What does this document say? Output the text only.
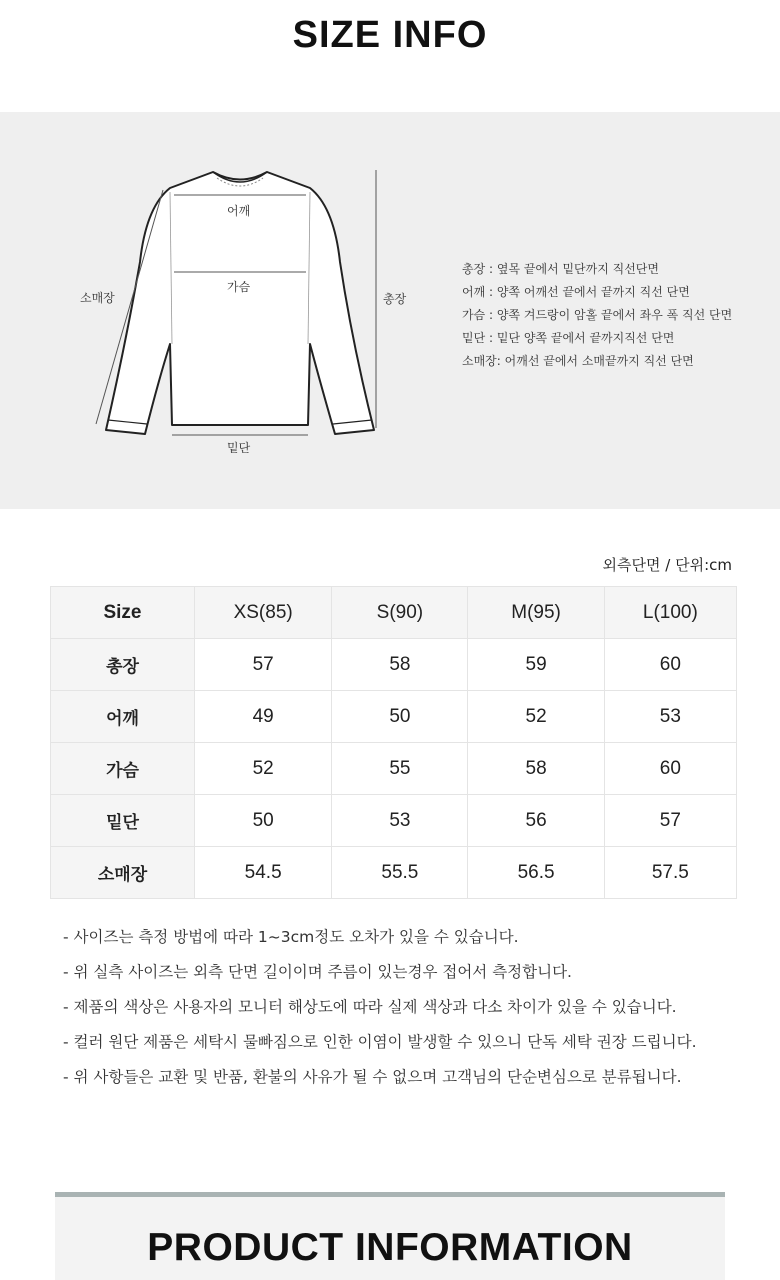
SIZE INFO
어깨
가슴
밑단
소매장	총장
총장 : 옆목 끝에서 밑단까지 직선단면
어깨 : 양쪽 어깨선 끝에서 끝까지 직선 단면
가슴 : 양쪽 겨드랑이 암홀 끝에서 좌우 폭 직선 단면
밑단 : 밑단 양쪽 끝에서 끝까지직선 단면
소매장: 어깨선 끝에서 소매끝까지 직선 단면
외측단면 / 단위:cm
Size	XS(85)	S(90)	M(95)	L(100)
총장	57	58	59	60
어깨	49	50	52	53
가슴	52	55	58	60
밑단	50	53	56	57
소매장	54.5	55.5	56.5	57.5
- 사이즈는 측정 방법에 따라 1~3cm정도 오차가 있을 수 있습니다.
- 위 실측 사이즈는 외측 단면 길이이며 주름이 있는경우 접어서 측정합니다.
- 제품의 색상은 사용자의 모니터 해상도에 따라 실제 색상과 다소 차이가 있을 수 있습니다.
- 컬러 원단 제품은 세탁시 물빠짐으로 인한 이염이 발생할 수 있으니 단독 세탁 권장 드립니다.
- 위 사항들은 교환 및 반품, 환불의 사유가 될 수 없으며 고객님의 단순변심으로 분류됩니다.
PRODUCT INFORMATION
